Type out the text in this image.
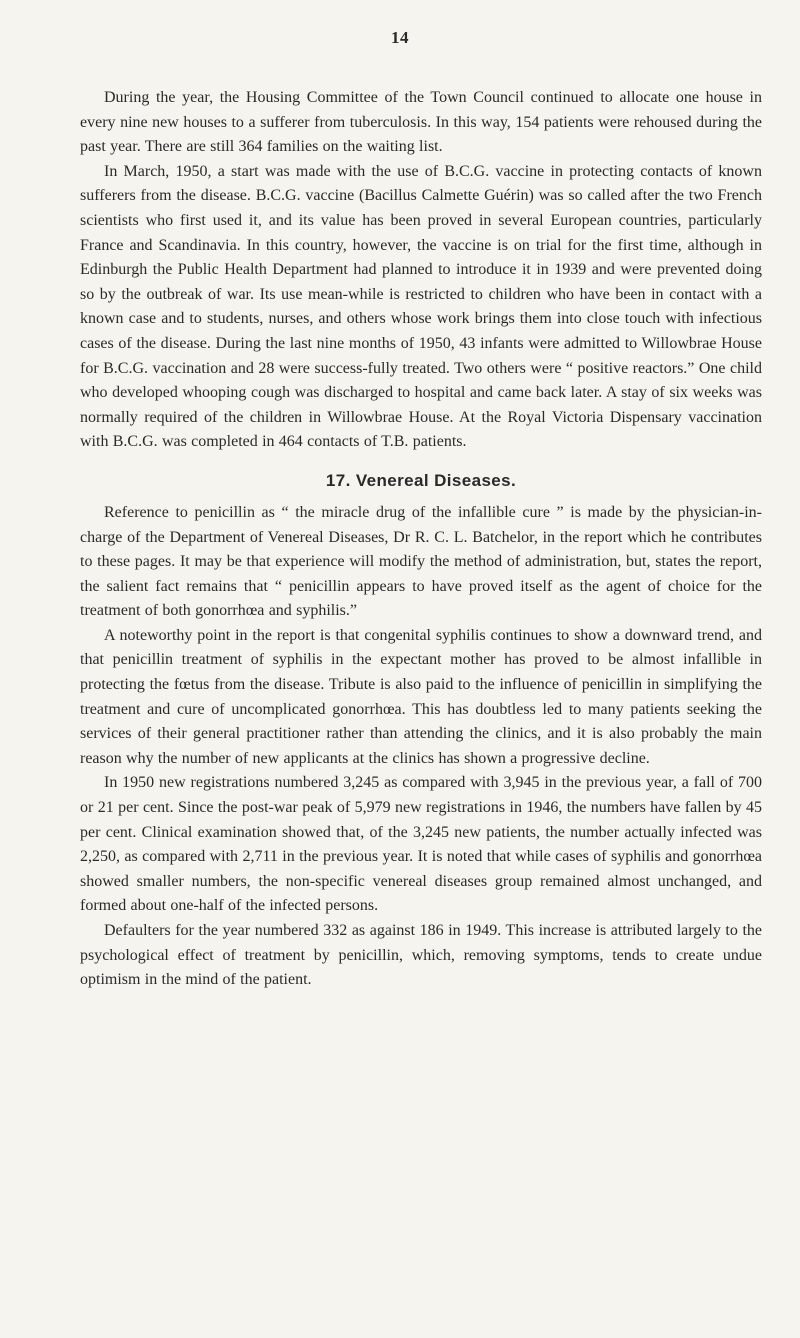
14

During the year, the Housing Committee of the Town Council continued to allocate one house in every nine new houses to a sufferer from tuberculosis. In this way, 154 patients were rehoused during the past year. There are still 364 families on the waiting list.

In March, 1950, a start was made with the use of B.C.G. vaccine in protecting contacts of known sufferers from the disease. B.C.G. vaccine (Bacillus Calmette Guérin) was so called after the two French scientists who first used it, and its value has been proved in several European countries, particularly France and Scandinavia. In this country, however, the vaccine is on trial for the first time, although in Edinburgh the Public Health Department had planned to introduce it in 1939 and were prevented doing so by the outbreak of war. Its use mean-while is restricted to children who have been in contact with a known case and to students, nurses, and others whose work brings them into close touch with infectious cases of the disease. During the last nine months of 1950, 43 infants were admitted to Willowbrae House for B.C.G. vaccination and 28 were success-fully treated. Two others were “ positive reactors.” One child who developed whooping cough was discharged to hospital and came back later. A stay of six weeks was normally required of the children in Willowbrae House. At the Royal Victoria Dispensary vaccination with B.C.G. was completed in 464 contacts of T.B. patients.

17. Venereal Diseases.

Reference to penicillin as “ the miracle drug of the infallible cure ” is made by the physician-in-charge of the Department of Venereal Diseases, Dr R. C. L. Batchelor, in the report which he contributes to these pages. It may be that experience will modify the method of administration, but, states the report, the salient fact remains that “ penicillin appears to have proved itself as the agent of choice for the treatment of both gonorrhœa and syphilis.”

A noteworthy point in the report is that congenital syphilis continues to show a downward trend, and that penicillin treatment of syphilis in the expectant mother has proved to be almost infallible in protecting the fœtus from the disease. Tribute is also paid to the influence of penicillin in simplifying the treatment and cure of uncomplicated gonorrhœa. This has doubtless led to many patients seeking the services of their general practitioner rather than attending the clinics, and it is also probably the main reason why the number of new applicants at the clinics has shown a progressive decline.

In 1950 new registrations numbered 3,245 as compared with 3,945 in the previous year, a fall of 700 or 21 per cent. Since the post-war peak of 5,979 new registrations in 1946, the numbers have fallen by 45 per cent. Clinical examination showed that, of the 3,245 new patients, the number actually infected was 2,250, as compared with 2,711 in the previous year. It is noted that while cases of syphilis and gonorrhœa showed smaller numbers, the non-specific venereal diseases group remained almost unchanged, and formed about one-half of the infected persons.

Defaulters for the year numbered 332 as against 186 in 1949. This increase is attributed largely to the psychological effect of treatment by penicillin, which, removing symptoms, tends to create undue optimism in the mind of the patient.
